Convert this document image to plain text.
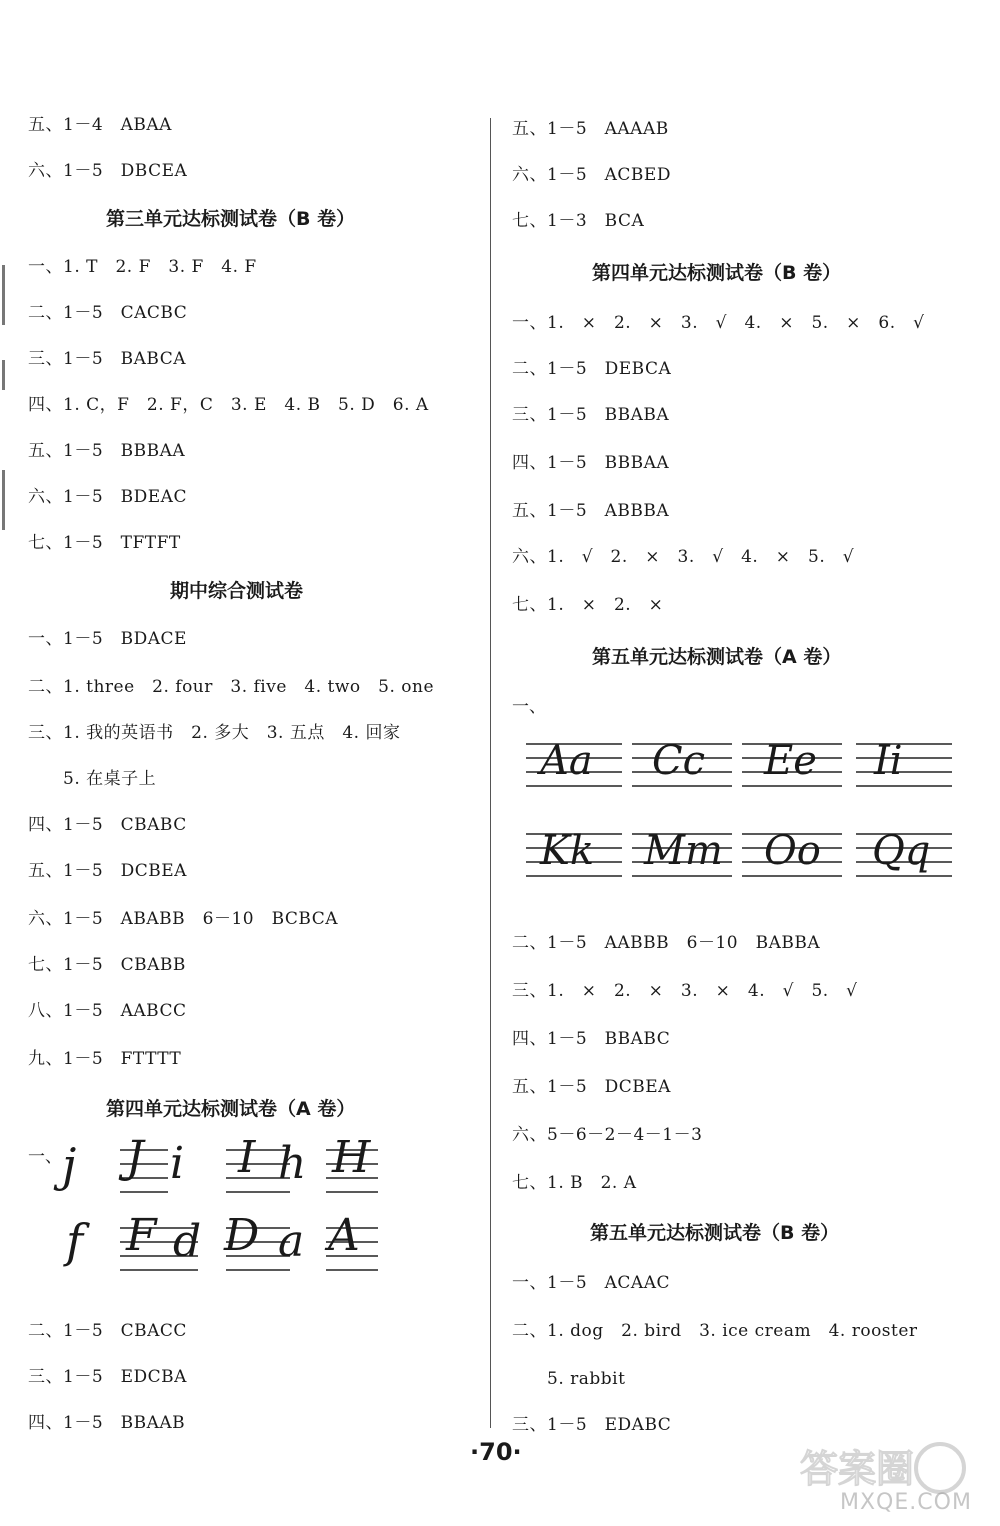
五、1－4　ABAA
六、1－5　DBCEA
第三单元达标测试卷（B 卷）
一、1. T　2. F　3. F　4. F
二、1－5　CACBC
三、1－5　BABCA
四、1. C，F　2. F，C　3. E　4. B　5. D　6. A
五、1－5　BBBAA
六、1－5　BDEAC
七、1－5　TFTFT
期中综合测试卷
一、1－5　BDACE
二、1. three　2. four　3. five　4. two　5. one
三、1. 我的英语书　2. 多大　3. 五点　4. 回家
　　5. 在桌子上
四、1－5　CBABC
五、1－5　DCBEA
六、1－5　ABABB　6－10　BCBCA
七、1－5　CBABB
八、1－5　AABCC
九、1－5　FTTTT
第四单元达标测试卷（A 卷）
一、 j J i I h H
f F d D a A
二、1－5　CBACC
三、1－5　EDCBA
四、1－5　BBAAB
五、1－5　AAAAB
六、1－5　ACBED
七、1－3　BCA
第四单元达标测试卷（B 卷）
一、1.　×　2.　×　3.　√　4.　×　5.　×　6.　√
二、1－5　DEBCA
三、1－5　BBABA
四、1－5　BBBAA
五、1－5　ABBBA
六、1.　√　2.　×　3.　√　4.　×　5.　√
七、1.　×　2.　×
第五单元达标测试卷（A 卷）
一、
Aa Cc Ee Ii
Kk Mm Oo Qq
二、1－5　AABBB　6－10　BABBA
三、1.　×　2.　×　3.　×　4.　√　5.　√
四、1－5　BBABC
五、1－5　DCBEA
六、5－6－2－4－1－3
七、1. B　2. A
第五单元达标测试卷（B 卷）
一、1－5　ACAAC
二、1. dog　2. bird　3. ice cream　4. rooster
　　5. rabbit
三、1－5　EDABC
·70·	答案圈
MXQE.COM
